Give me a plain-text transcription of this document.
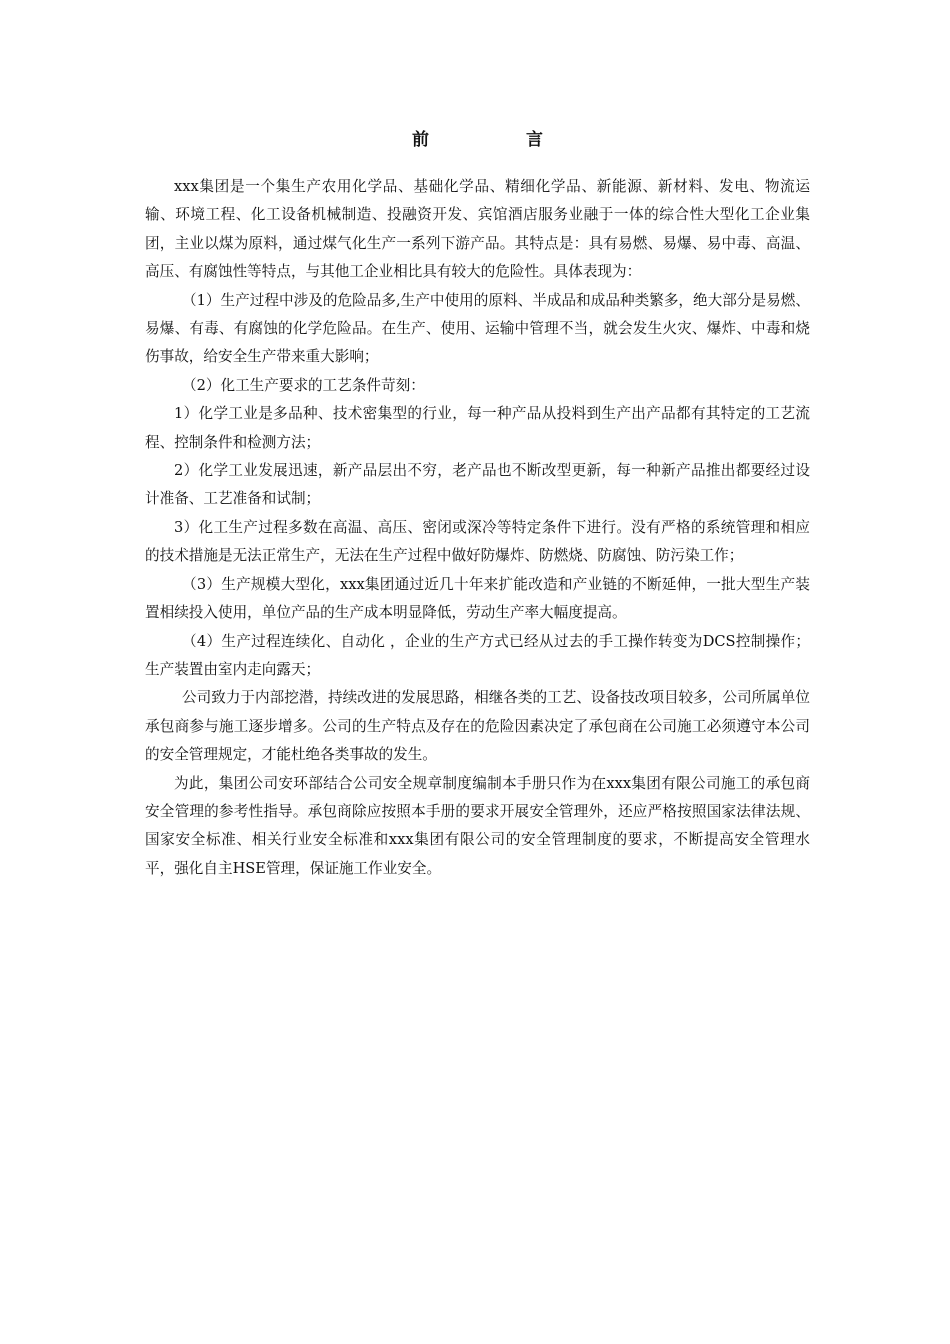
前　言

xxx集团是一个集生产农用化学品、基础化学品、精细化学品、新能源、新材料、发电、物流运输、环境工程、化工设备机械制造、投融资开发、宾馆酒店服务业融于一体的综合性大型化工企业集团，主业以煤为原料，通过煤气化生产一系列下游产品。其特点是：具有易燃、易爆、易中毒、高温、高压、有腐蚀性等特点，与其他工企业相比具有较大的危险性。具体表现为：

（1）生产过程中涉及的危险品多,生产中使用的原料、半成品和成品种类繁多，绝大部分是易燃、易爆、有毒、有腐蚀的化学危险品。在生产、使用、运输中管理不当，就会发生火灾、爆炸、中毒和烧伤事故，给安全生产带来重大影响；

（2）化工生产要求的工艺条件苛刻：

1）化学工业是多品种、技术密集型的行业，每一种产品从投料到生产出产品都有其特定的工艺流程、控制条件和检测方法；

2）化学工业发展迅速，新产品层出不穷，老产品也不断改型更新，每一种新产品推出都要经过设计准备、工艺准备和试制；

3）化工生产过程多数在高温、高压、密闭或深冷等特定条件下进行。没有严格的系统管理和相应的技术措施是无法正常生产，无法在生产过程中做好防爆炸、防燃烧、防腐蚀、防污染工作；

（3）生产规模大型化，xxx集团通过近几十年来扩能改造和产业链的不断延伸，一批大型生产装置相续投入使用，单位产品的生产成本明显降低，劳动生产率大幅度提高。

（4）生产过程连续化、自动化 ，企业的生产方式已经从过去的手工操作转变为DCS控制操作；生产装置由室内走向露天；

公司致力于内部挖潜，持续改进的发展思路，相继各类的工艺、设备技改项目较多，公司所属单位承包商参与施工逐步增多。公司的生产特点及存在的危险因素决定了承包商在公司施工必须遵守本公司的安全管理规定，才能杜绝各类事故的发生。

为此，集团公司安环部结合公司安全规章制度编制本手册只作为在xxx集团有限公司施工的承包商安全管理的参考性指导。承包商除应按照本手册的要求开展安全管理外，还应严格按照国家法律法规、国家安全标准、相关行业安全标准和xxx集团有限公司的安全管理制度的要求，不断提高安全管理水平，强化自主HSE管理，保证施工作业安全。
